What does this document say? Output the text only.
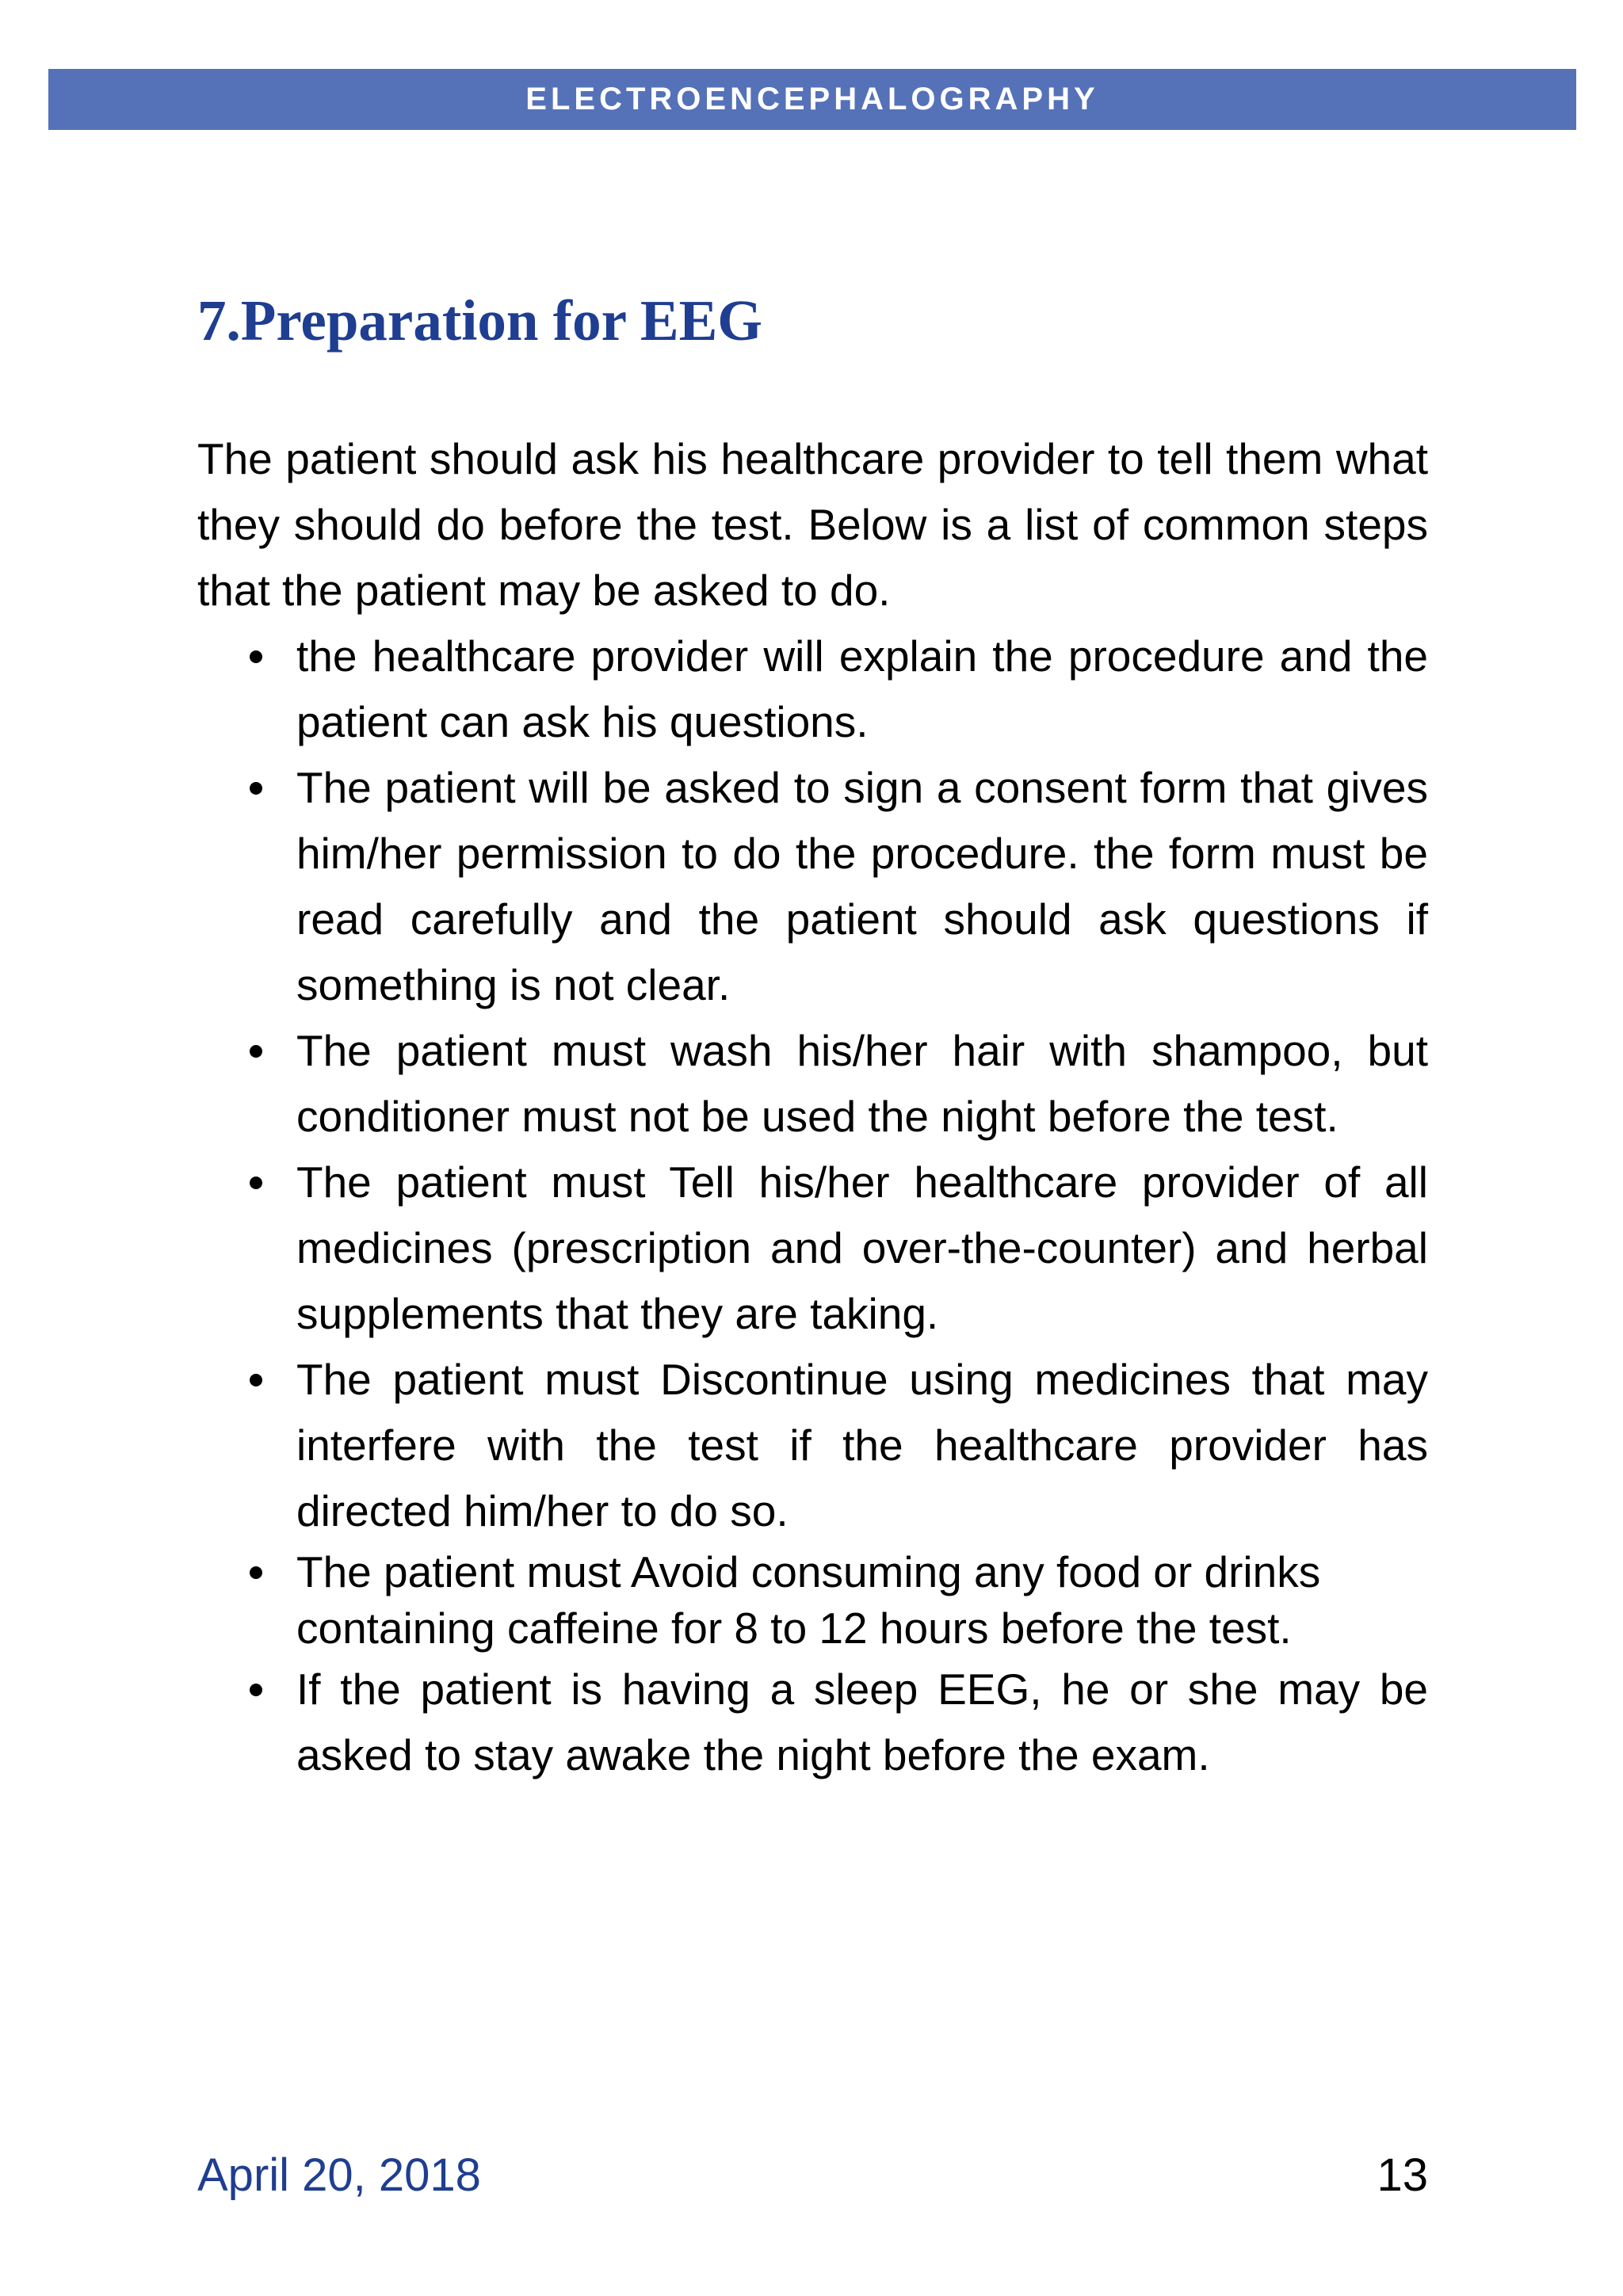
ELECTROENCEPHALOGRAPHY
7.Preparation for EEG

The patient should ask his healthcare provider to tell them what they should do before the test. Below is a list of common steps that the patient may be asked to do.

the healthcare provider will explain the procedure and the patient can ask his questions.
The patient will be asked to sign a consent form that gives him/her permission to do the procedure. the form must be read carefully and the patient should ask questions if something is not clear.
The patient must wash his/her hair with shampoo, but conditioner must not be used the night before the test.
The patient must Tell his/her healthcare provider of all medicines (prescription and over-the-counter) and herbal supplements that they are taking.
The patient must Discontinue using medicines that may interfere with the test if the healthcare provider has directed him/her to do so.
The patient must Avoid consuming any food or drinks containing caffeine for 8 to 12 hours before the test.
If the patient is having a sleep EEG, he or she may be asked to stay awake the night before the exam.
April 20, 2018	13
